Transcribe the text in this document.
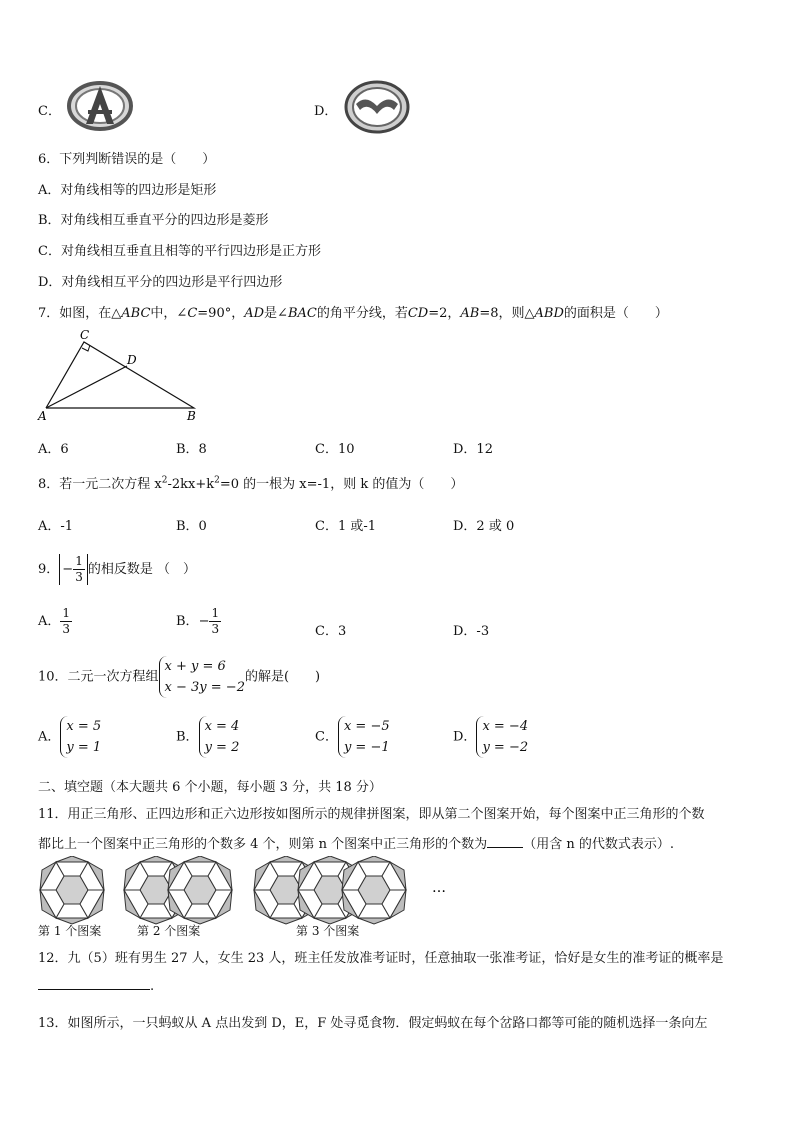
C．	D．
6．下列判断错误的是（　　）
A．对角线相等的四边形是矩形
B．对角线相互垂直平分的四边形是菱形
C．对角线相互垂直且相等的平行四边形是正方形
D．对角线相互平分的四边形是平行四边形
7．如图，在△ABC中，∠C=90°，AD是∠BAC的角平分线，若CD=2，AB=8，则△ABD的面积是（　　）
C
D
A	B
A．6	B．8	C．10	D．12
8．若一元二次方程 $x^2-2kx+k^2=0$ 的一根为 x=-1，则 k 的值为（　　）
A．-1	B．0	C．1 或-1	D．2 或 0
9． − $\frac{1}{3}$ 的相反数是 （　）
A． $\frac{1}{3}$	B．− $\frac{1}{3}$	C．3	D．-3
10．二元一次方程组
x + y = 6
x − 3y = −2
的解是(　　)
A．
x = 5
y = 1
B．
x = 4
y = 2
C．
x = −5
y = −1
D．
x = −4
y = −2
二、填空题（本大题共 6 个小题，每小题 3 分，共 18 分）
11．用正三角形、正四边形和正六边形按如图所示的规律拼图案，即从第二个图案开始，每个图案中正三角形的个数
都比上一个图案中正三角形的个数多 4 个，则第 n 个图案中正三角形的个数为	（用含 n 的代数式表示）.
…
第 1 个图案	第 2 个图案	第 3 个图案
12．九（5）班有男生 27 人，女生 23 人，班主任发放准考证时，任意抽取一张准考证，恰好是女生的准考证的概率是
.
13．如图所示，一只蚂蚁从 A 点出发到 D，E，F 处寻觅食物．假定蚂蚁在每个岔路口都等可能的随机选择一条向左
